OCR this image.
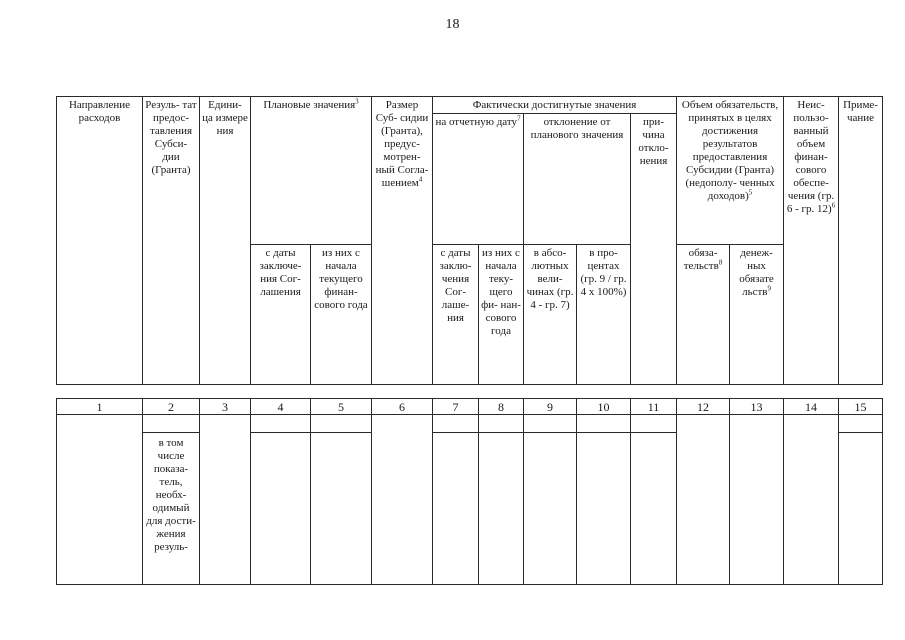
18
Направление расходов	Резуль- тат предос- тавления Субси- дии (Гранта)	Едини- ца измере ния	Плановые значения$^3$		Размер Суб- сидии (Гранта), предус- мотрен- ный Согла- шением$^4$	Фактически достигнутые значения					Объем обязательств, принятых в целях достижения результатов предоставления Субсидии (Гранта) (недополу- ченных доходов)$^5$		Неис- пользо- ванный объем финан- сового обеспе- чения (гр. 6 - гр. 12)$^6$	Приме- чание

						на отчетную дату$^7$		отклонение от планового значения		при- чина откло- нения				

			с даты заключе- ния Сог- лашения	из них с начала текущего финан- сового года		с даты заклю- чения Сог- лаше- ния	из них с начала теку- щего фи- нан- сового года	в абсо- лютных вели- чинах (гр. 4 - гр. 7)	в про- центах (гр. 9 / гр. 4 x 100%)		обяза- тельств$^8$	денеж- ных обязате льств$^9$
1	2	3	4	5	6	7	8	9	10	11	12	13	14	15

	в том числе показа- тель, необх- одимый для дости- жения резуль-													
